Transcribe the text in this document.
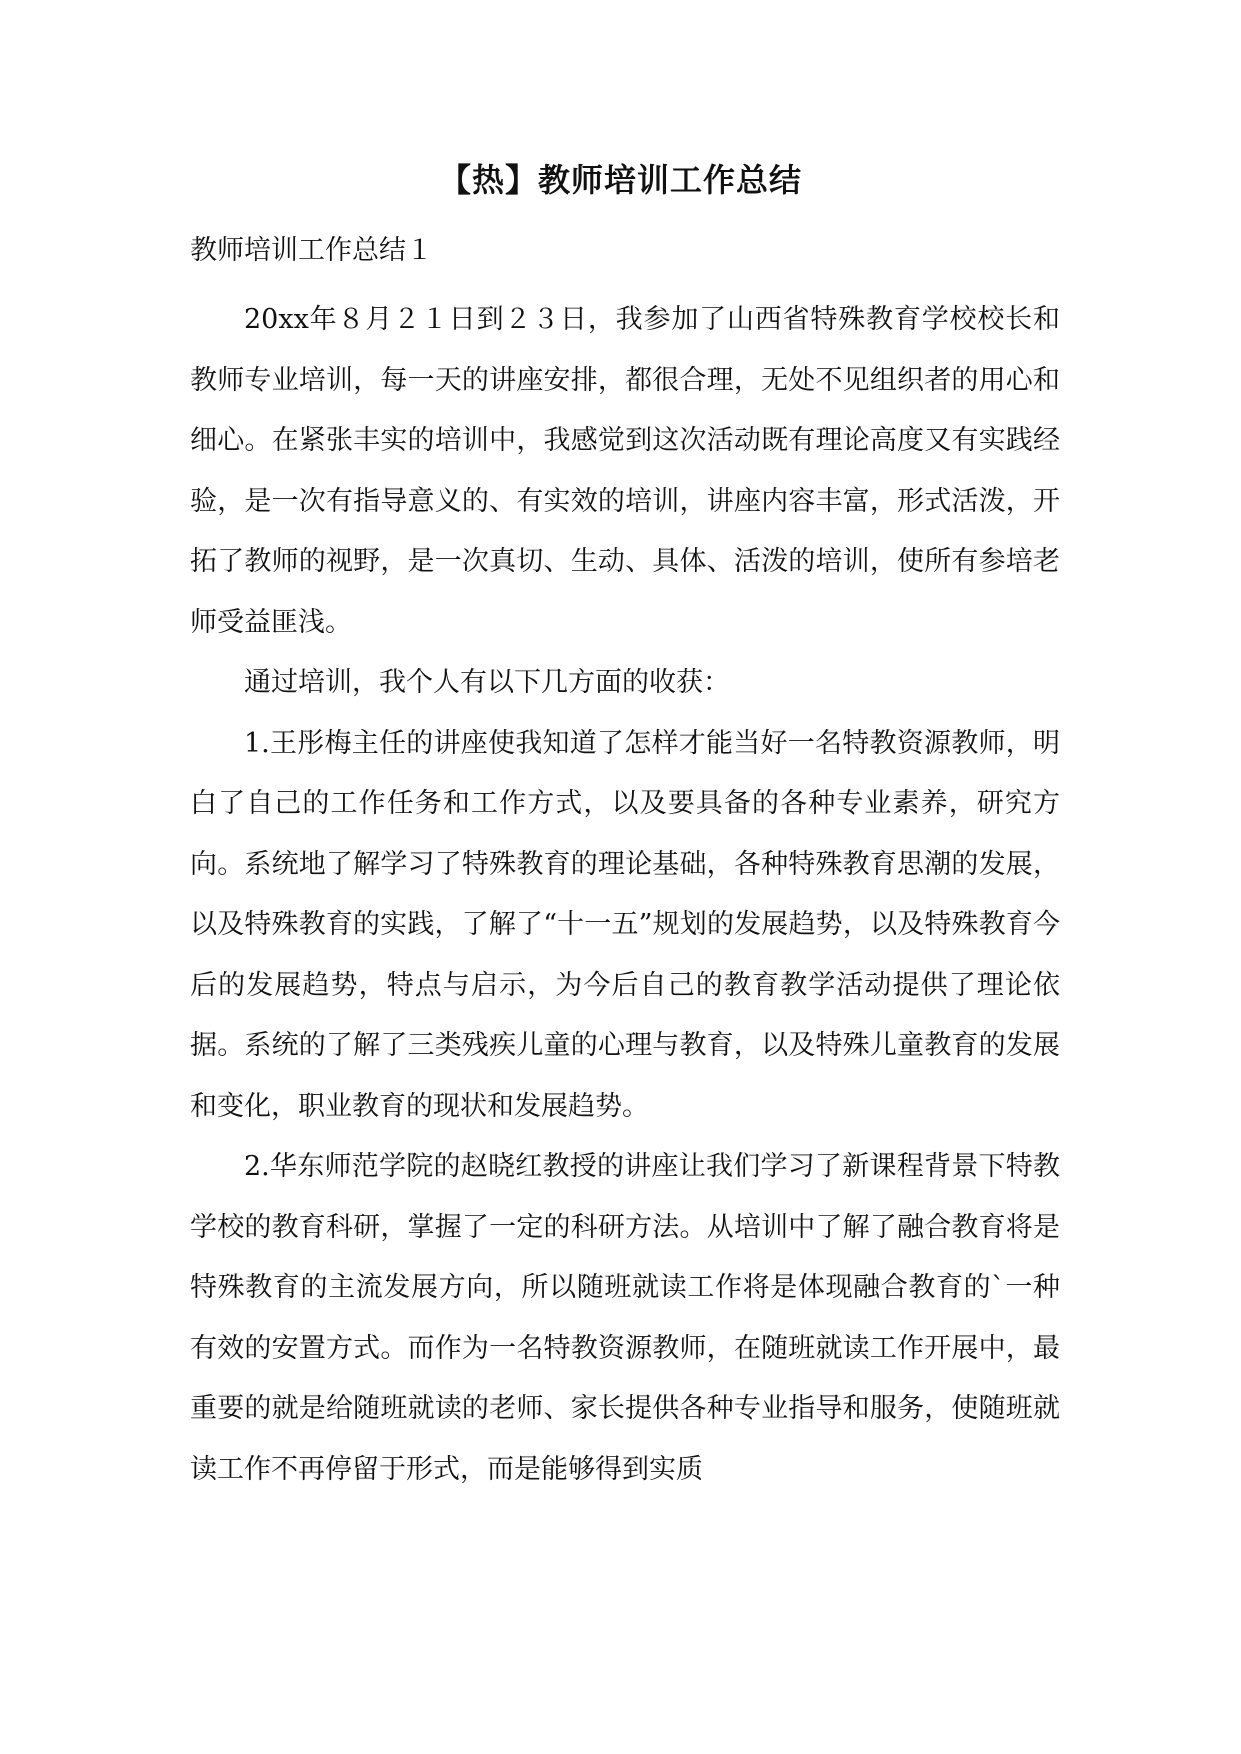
【热】教师培训工作总结
教师培训工作总结１

20xx年８月２１日到２３日，我参加了山西省特殊教育学校校长和教师专业培训，每一天的讲座安排，都很合理，无处不见组织者的用心和细心。在紧张丰实的培训中，我感觉到这次活动既有理论高度又有实践经验，是一次有指导意义的、有实效的培训，讲座内容丰富，形式活泼，开拓了教师的视野，是一次真切、生动、具体、活泼的培训，使所有参培老师受益匪浅。

通过培训，我个人有以下几方面的收获：

1.王彤梅主任的讲座使我知道了怎样才能当好一名特教资源教师，明白了自己的工作任务和工作方式，以及要具备的各种专业素养，研究方向。系统地了解学习了特殊教育的理论基础，各种特殊教育思潮的发展，以及特殊教育的实践，了解了“十一五”规划的发展趋势，以及特殊教育今后的发展趋势，特点与启示，为今后自己的教育教学活动提供了理论依据。系统的了解了三类残疾儿童的心理与教育，以及特殊儿童教育的发展和变化，职业教育的现状和发展趋势。

2.华东师范学院的赵晓红教授的讲座让我们学习了新课程背景下特教学校的教育科研，掌握了一定的科研方法。从培训中了解了融合教育将是特殊教育的主流发展方向，所以随班就读工作将是体现融合教育的`一种有效的安置方式。而作为一名特教资源教师，在随班就读工作开展中，最重要的就是给随班就读的老师、家长提供各种专业指导和服务，使随班就读工作不再停留于形式，而是能够得到实质
